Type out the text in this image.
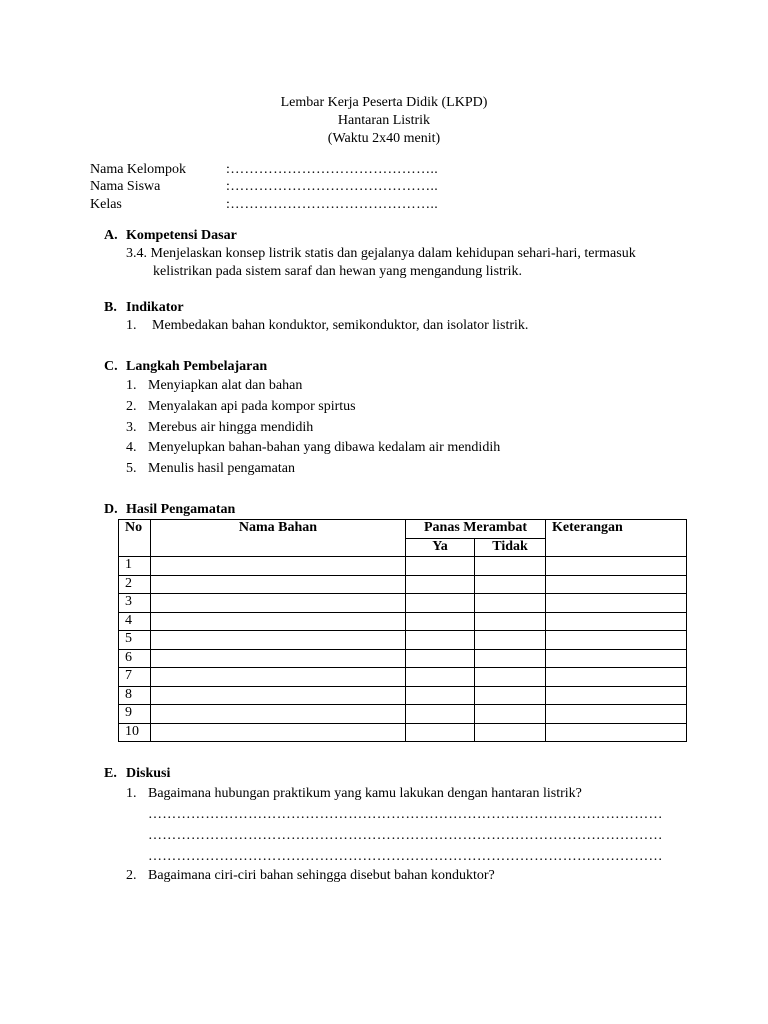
Lembar Kerja Peserta Didik (LKPD)
Hantaran Listrik
(Waktu 2x40 menit)
Nama Kelompok	:……………………………………..
Nama Siswa	:……………………………………..
Kelas	:……………………………………..
A. Kompetensi Dasar
3.4. Menjelaskan konsep listrik statis dan gejalanya dalam kehidupan sehari-hari, termasuk
kelistrikan pada sistem saraf dan hewan yang mengandung listrik.
B. Indikator
1. Membedakan bahan konduktor, semikonduktor, dan isolator listrik.
C. Langkah Pembelajaran
1. Menyiapkan alat dan bahan
2. Menyalakan api pada kompor spirtus
3. Merebus air hingga mendidih
4. Menyelupkan bahan-bahan yang dibawa kedalam air mendidih
5. Menulis hasil pengamatan
D. Hasil Pengamatan
No	Nama Bahan	Panas Merambat		Keterangan
		Ya	Tidak	
1				
2				
3				
4				
5				
6				
7				
8				
9				
10				
E. Diskusi
1. Bagaimana hubungan praktikum yang kamu lakukan dengan hantaran listrik?
………………………………………………………………………………………………
………………………………………………………………………………………………
………………………………………………………………………………………………
2. Bagaimana ciri-ciri bahan sehingga disebut bahan konduktor?
